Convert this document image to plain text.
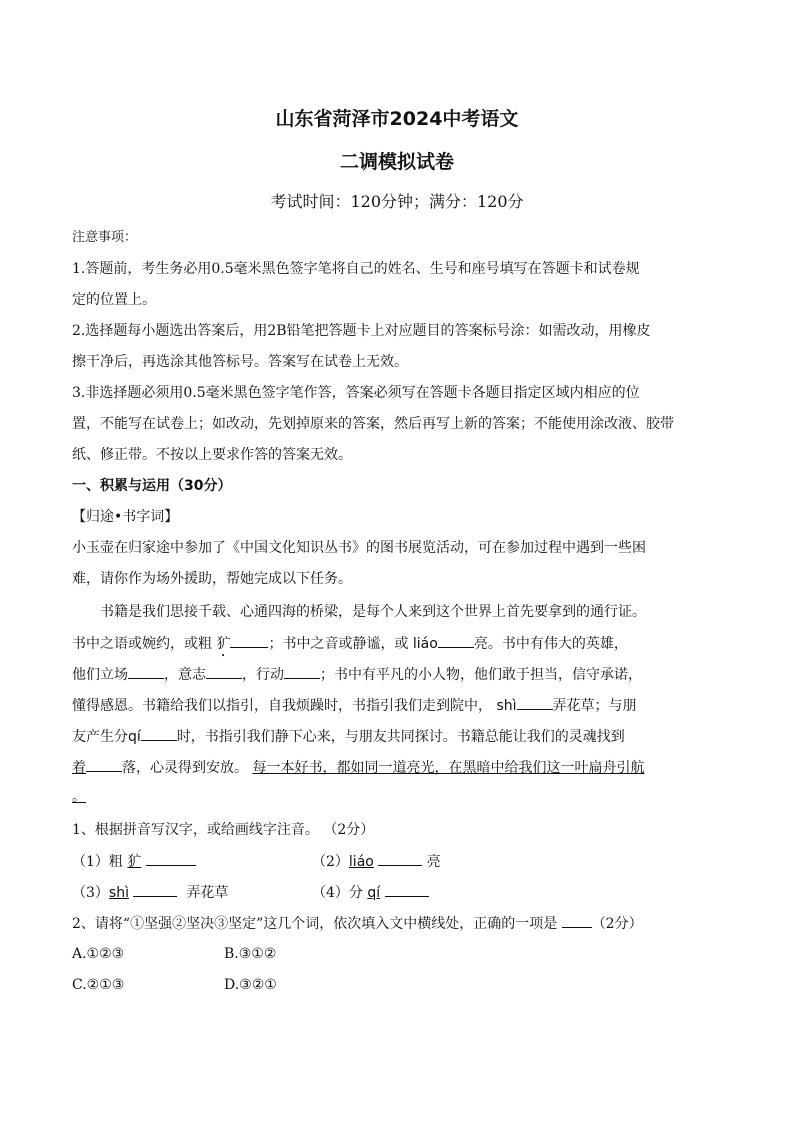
山东省菏泽市2024中考语文
二调模拟试卷
考试时间：120分钟；满分：120分
注意事项：
1.答题前，考生务必用0.5毫米黑色签字笔将自己的姓名、生号和座号填写在答题卡和试卷规
定的位置上。
2.选择题每小题选出答案后，用2B铅笔把答题卡上对应题目的答案标号涂：如需改动，用橡皮
擦干净后，再选涂其他答标号。答案写在试卷上无效。
3.非选择题必须用0.5毫米黑色签字笔作答，答案必须写在答题卡各题目指定区域内相应的位
置，不能写在试卷上；如改动，先划掉原来的答案，然后再写上新的答案；不能使用涂改液、胶带
纸、修正带。不按以上要求作答的答案无效。
一、积累与运用（30分）
【归途•书字词】
小玉壶在归家途中参加了《中国文化知识丛书》的图书展览活动，可在参加过程中遇到一些困
难，请你作为场外援助，帮她完成以下任务。
书籍是我们思接千载、心通四海的桥梁，是每个人来到这个世界上首先要拿到的通行证。
书中之语或婉约，或粗 犷	；书中之音或静谧，或 liáo	亮。书中有伟大的英雄，
他们立场	，意志	，行动	；书中有平凡的小人物，他们敢于担当，信守承诺，
懂得感恩。书籍给我们以指引，自我烦躁时，书指引我们走到院中， shì	弄花草；与朋
友产生分qí	时，书指引我们静下心来，与朋友共同探讨。书籍总能让我们的灵魂找到
着	落，心灵得到安放。 每一本好书，都如同一道亮光，在黑暗中给我们这一叶扁舟引航
。
1、根据拼音写汉字，或给画线字注音。 （2分）
（1）粗 犷	（2）liáo	亮
（3）shì	弄花草	（4）分 qí
2、请将“①坚强②坚决③坚定”这几个词，依次填入文中横线处，正确的一项是 （2分）
A.①②③	B.③①②
C.②①③	D.③②①
